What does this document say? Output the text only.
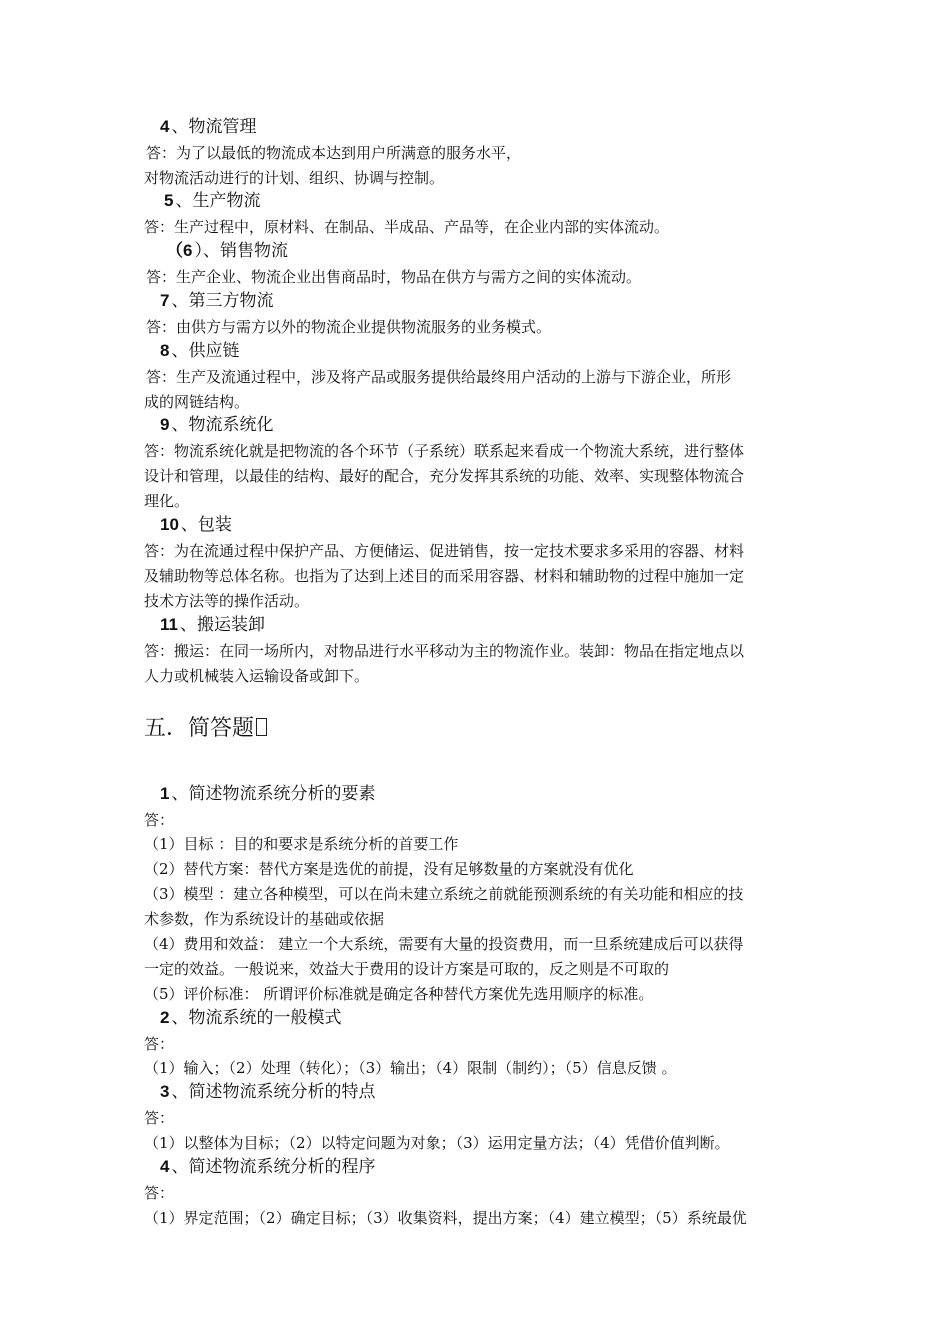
4 、物流管理
答：为了以最低的物流成本达到用户所满意的服务水平，
对物流活动进行的计划、组织、协调与控制。
5 、生产物流
答：生产过程中，原材料、在制品、半成品、产品等，在企业内部的实体流动。
（6 ）、销售物流
答：生产企业、物流企业出售商品时，物品在供方与需方之间的实体流动。
7 、第三方物流
答：由供方与需方以外的物流企业提供物流服务的业务模式。
8 、供应链
答：生产及流通过程中，涉及将产品或服务提供给最终用户活动的上游与下游企业，所形
成的网链结构。
9 、物流系统化
答：物流系统化就是把物流的各个环节（子系统）联系起来看成一个物流大系统，进行整体
设计和管理，以最佳的结构、最好的配合，充分发挥其系统的功能、效率、实现整体物流合
理化。
10 、包装
答：为在流通过程中保护产品、方便储运、促进销售，按一定技术要求多采用的容器、材料
及辅助物等总体名称。也指为了达到上述目的而采用容器、材料和辅助物的过程中施加一定
技术方法等的操作活动。
11 、搬运装卸
答：搬运：在同一场所内，对物品进行水平移动为主的物流作业。装卸：物品在指定地点以
人力或机械装入运输设备或卸下。
五．简答题
1 、简述物流系统分析的要素
答：
（1）目标 ：目的和要求是系统分析的首要工作
（2）替代方案：替代方案是选优的前提，没有足够数量的方案就没有优化
（3）模型 ：建立各种模型，可以在尚未建立系统之前就能预测系统的有关功能和相应的技
术参数，作为系统设计的基础或依据
（4）费用和效益： 建立一个大系统，需要有大量的投资费用，而一旦系统建成后可以获得
一定的效益。一般说来，效益大于费用的设计方案是可取的，反之则是不可取的
（5）评价标准： 所谓评价标准就是确定各种替代方案优先选用顺序的标准。
2 、物流系统的一般模式
答：
（1）输入；（2）处理（转化）；（3）输出；（4）限制（制约）；（5）信息反馈 。
3 、简述物流系统分析的特点
答：
（1）以整体为目标；（2）以特定问题为对象；（3）运用定量方法；（4）凭借价值判断。
4 、简述物流系统分析的程序
答：
（1）界定范围；（2）确定目标；（3）收集资料，提出方案；（4）建立模型；（5）系统最优
